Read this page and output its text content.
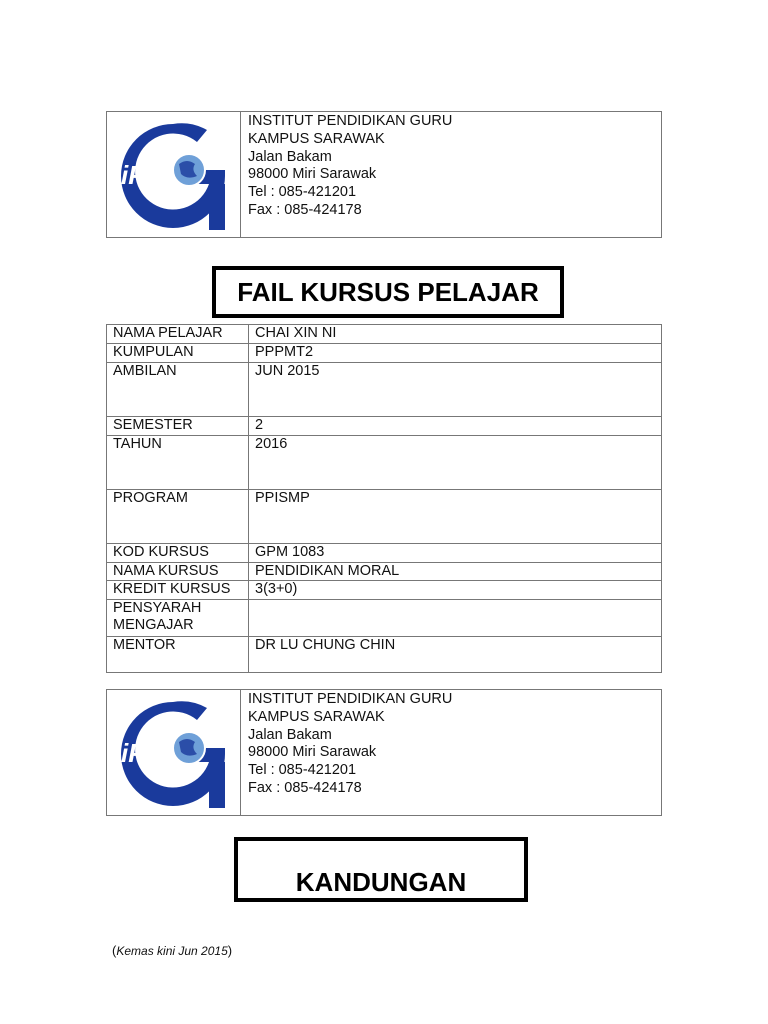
iPG
INSTITUT PENDIDIKAN GURU
KAMPUS SARAWAK
Jalan Bakam
98000 Miri Sarawak
Tel : 085-421201
Fax : 085-424178
FAIL KURSUS PELAJAR
NAMA PELAJAR	CHAI XIN NI
KUMPULAN	PPPMT2
AMBILAN	JUN 2015
SEMESTER	2
TAHUN	2016
PROGRAM	PPISMP
KOD KURSUS	GPM 1083
NAMA KURSUS	PENDIDIKAN MORAL
KREDIT KURSUS	3(3+0)
PENSYARAH MENGAJAR	
MENTOR	DR LU CHUNG CHIN
iPG
INSTITUT PENDIDIKAN GURU
KAMPUS SARAWAK
Jalan Bakam
98000 Miri Sarawak
Tel : 085-421201
Fax : 085-424178
KANDUNGAN
(Kemas kini Jun 2015)
